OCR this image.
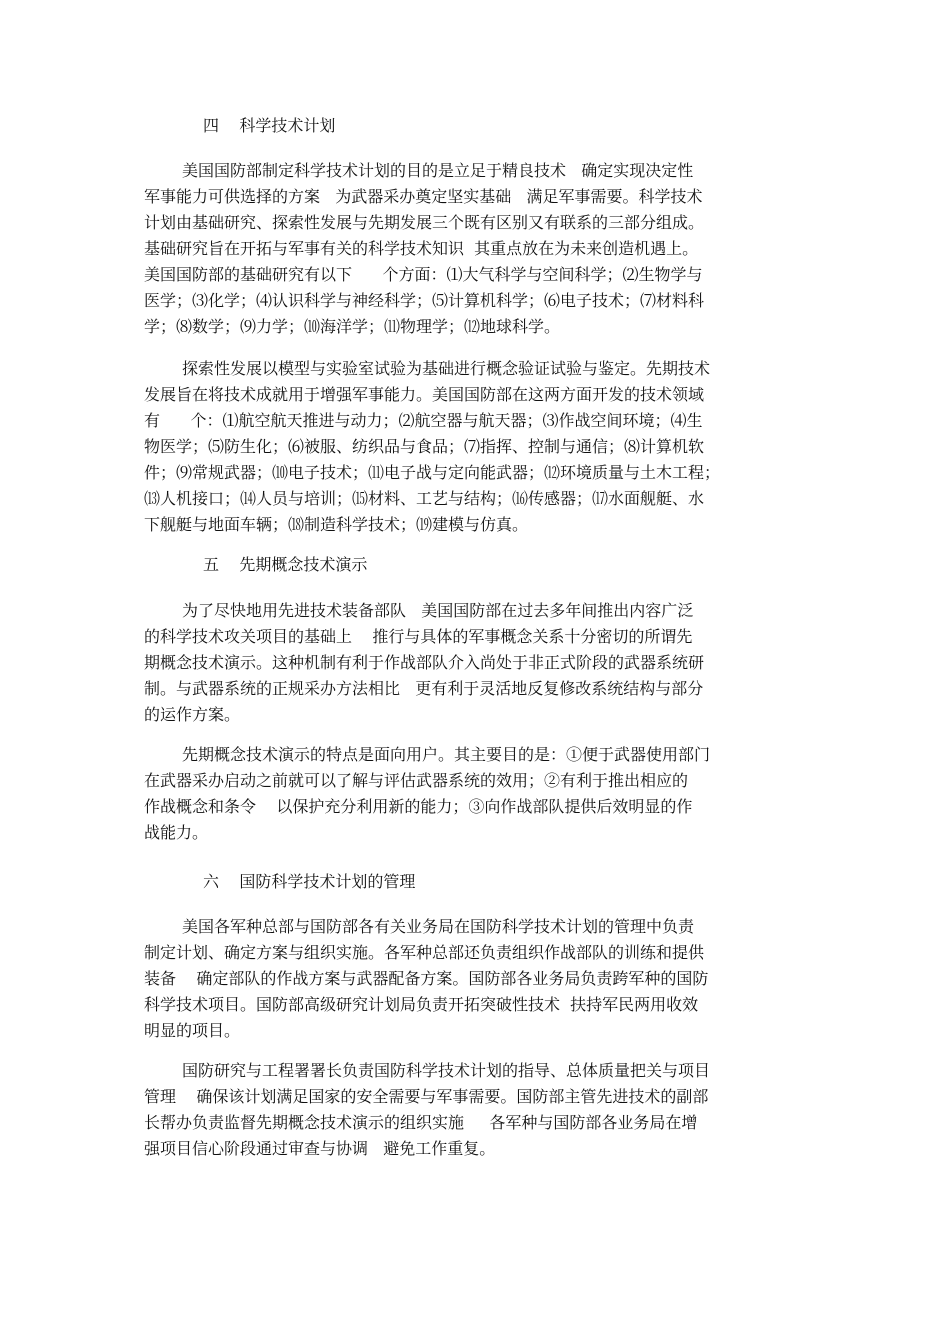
四    科学技术计划
美国国防部制定科学技术计划的目的是立足于精良技术   确定实现决定性
军事能力可供选择的方案   为武器采办奠定坚实基础   满足军事需要。科学技术
计划由基础研究、探索性发展与先期发展三个既有区别又有联系的三部分组成。
基础研究旨在开拓与军事有关的科学技术知识  其重点放在为未来创造机遇上。
美国国防部的基础研究有以下      个方面：⑴大气科学与空间科学；⑵生物学与
医学；⑶化学；⑷认识科学与神经科学；⑸计算机科学；⑹电子技术；⑺材料科
学；⑻数学；⑼力学；⑽海洋学；⑾物理学；⑿地球科学。
探索性发展以模型与实验室试验为基础进行概念验证试验与鉴定。先期技术
发展旨在将技术成就用于增强军事能力。美国国防部在这两方面开发的技术领域
有      个：⑴航空航天推进与动力；⑵航空器与航天器；⑶作战空间环境；⑷生
物医学；⑸防生化；⑹被服、纺织品与食品；⑺指挥、控制与通信；⑻计算机软
件；⑼常规武器；⑽电子技术；⑾电子战与定向能武器；⑿环境质量与土木工程；
⒀人机接口；⒁人员与培训；⒂材料、工艺与结构；⒃传感器；⒄水面舰艇、水
下舰艇与地面车辆；⒅制造科学技术；⒆建模与仿真。
五    先期概念技术演示
为了尽快地用先进技术装备部队   美国国防部在过去多年间推出内容广泛
的科学技术攻关项目的基础上    推行与具体的军事概念关系十分密切的所谓先
期概念技术演示。这种机制有利于作战部队介入尚处于非正式阶段的武器系统研
制。与武器系统的正规采办方法相比   更有利于灵活地反复修改系统结构与部分
的运作方案。
先期概念技术演示的特点是面向用户。其主要目的是：①便于武器使用部门
在武器采办启动之前就可以了解与评估武器系统的效用；②有利于推出相应的
作战概念和条令    以保护充分利用新的能力；③向作战部队提供后效明显的作
战能力。
六    国防科学技术计划的管理
美国各军种总部与国防部各有关业务局在国防科学技术计划的管理中负责
制定计划、确定方案与组织实施。各军种总部还负责组织作战部队的训练和提供
装备    确定部队的作战方案与武器配备方案。国防部各业务局负责跨军种的国防
科学技术项目。国防部高级研究计划局负责开拓突破性技术  扶持军民两用收效
明显的项目。
国防研究与工程署署长负责国防科学技术计划的指导、总体质量把关与项目
管理    确保该计划满足国家的安全需要与军事需要。国防部主管先进技术的副部
长帮办负责监督先期概念技术演示的组织实施     各军种与国防部各业务局在增
强项目信心阶段通过审查与协调   避免工作重复。
